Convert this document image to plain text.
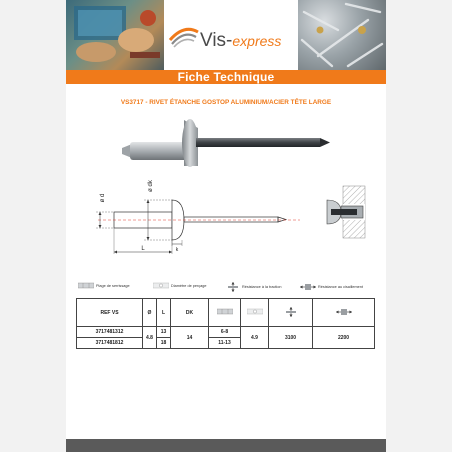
Vis-express
Fiche Technique
VS3717 - RIVET ÉTANCHE GOSTOP ALUMINIUM/ACIER TÊTE LARGE
ø dk
ø d
k
L
Plage de serrissage	Diamètre de perçage	Résistance à la traction	Résistance au cisaillement
REF VS	Ø	L	DK				
3717481312	4.8	13	14	6-8	4.9	3100	2200
3717481812		18		11-13			
